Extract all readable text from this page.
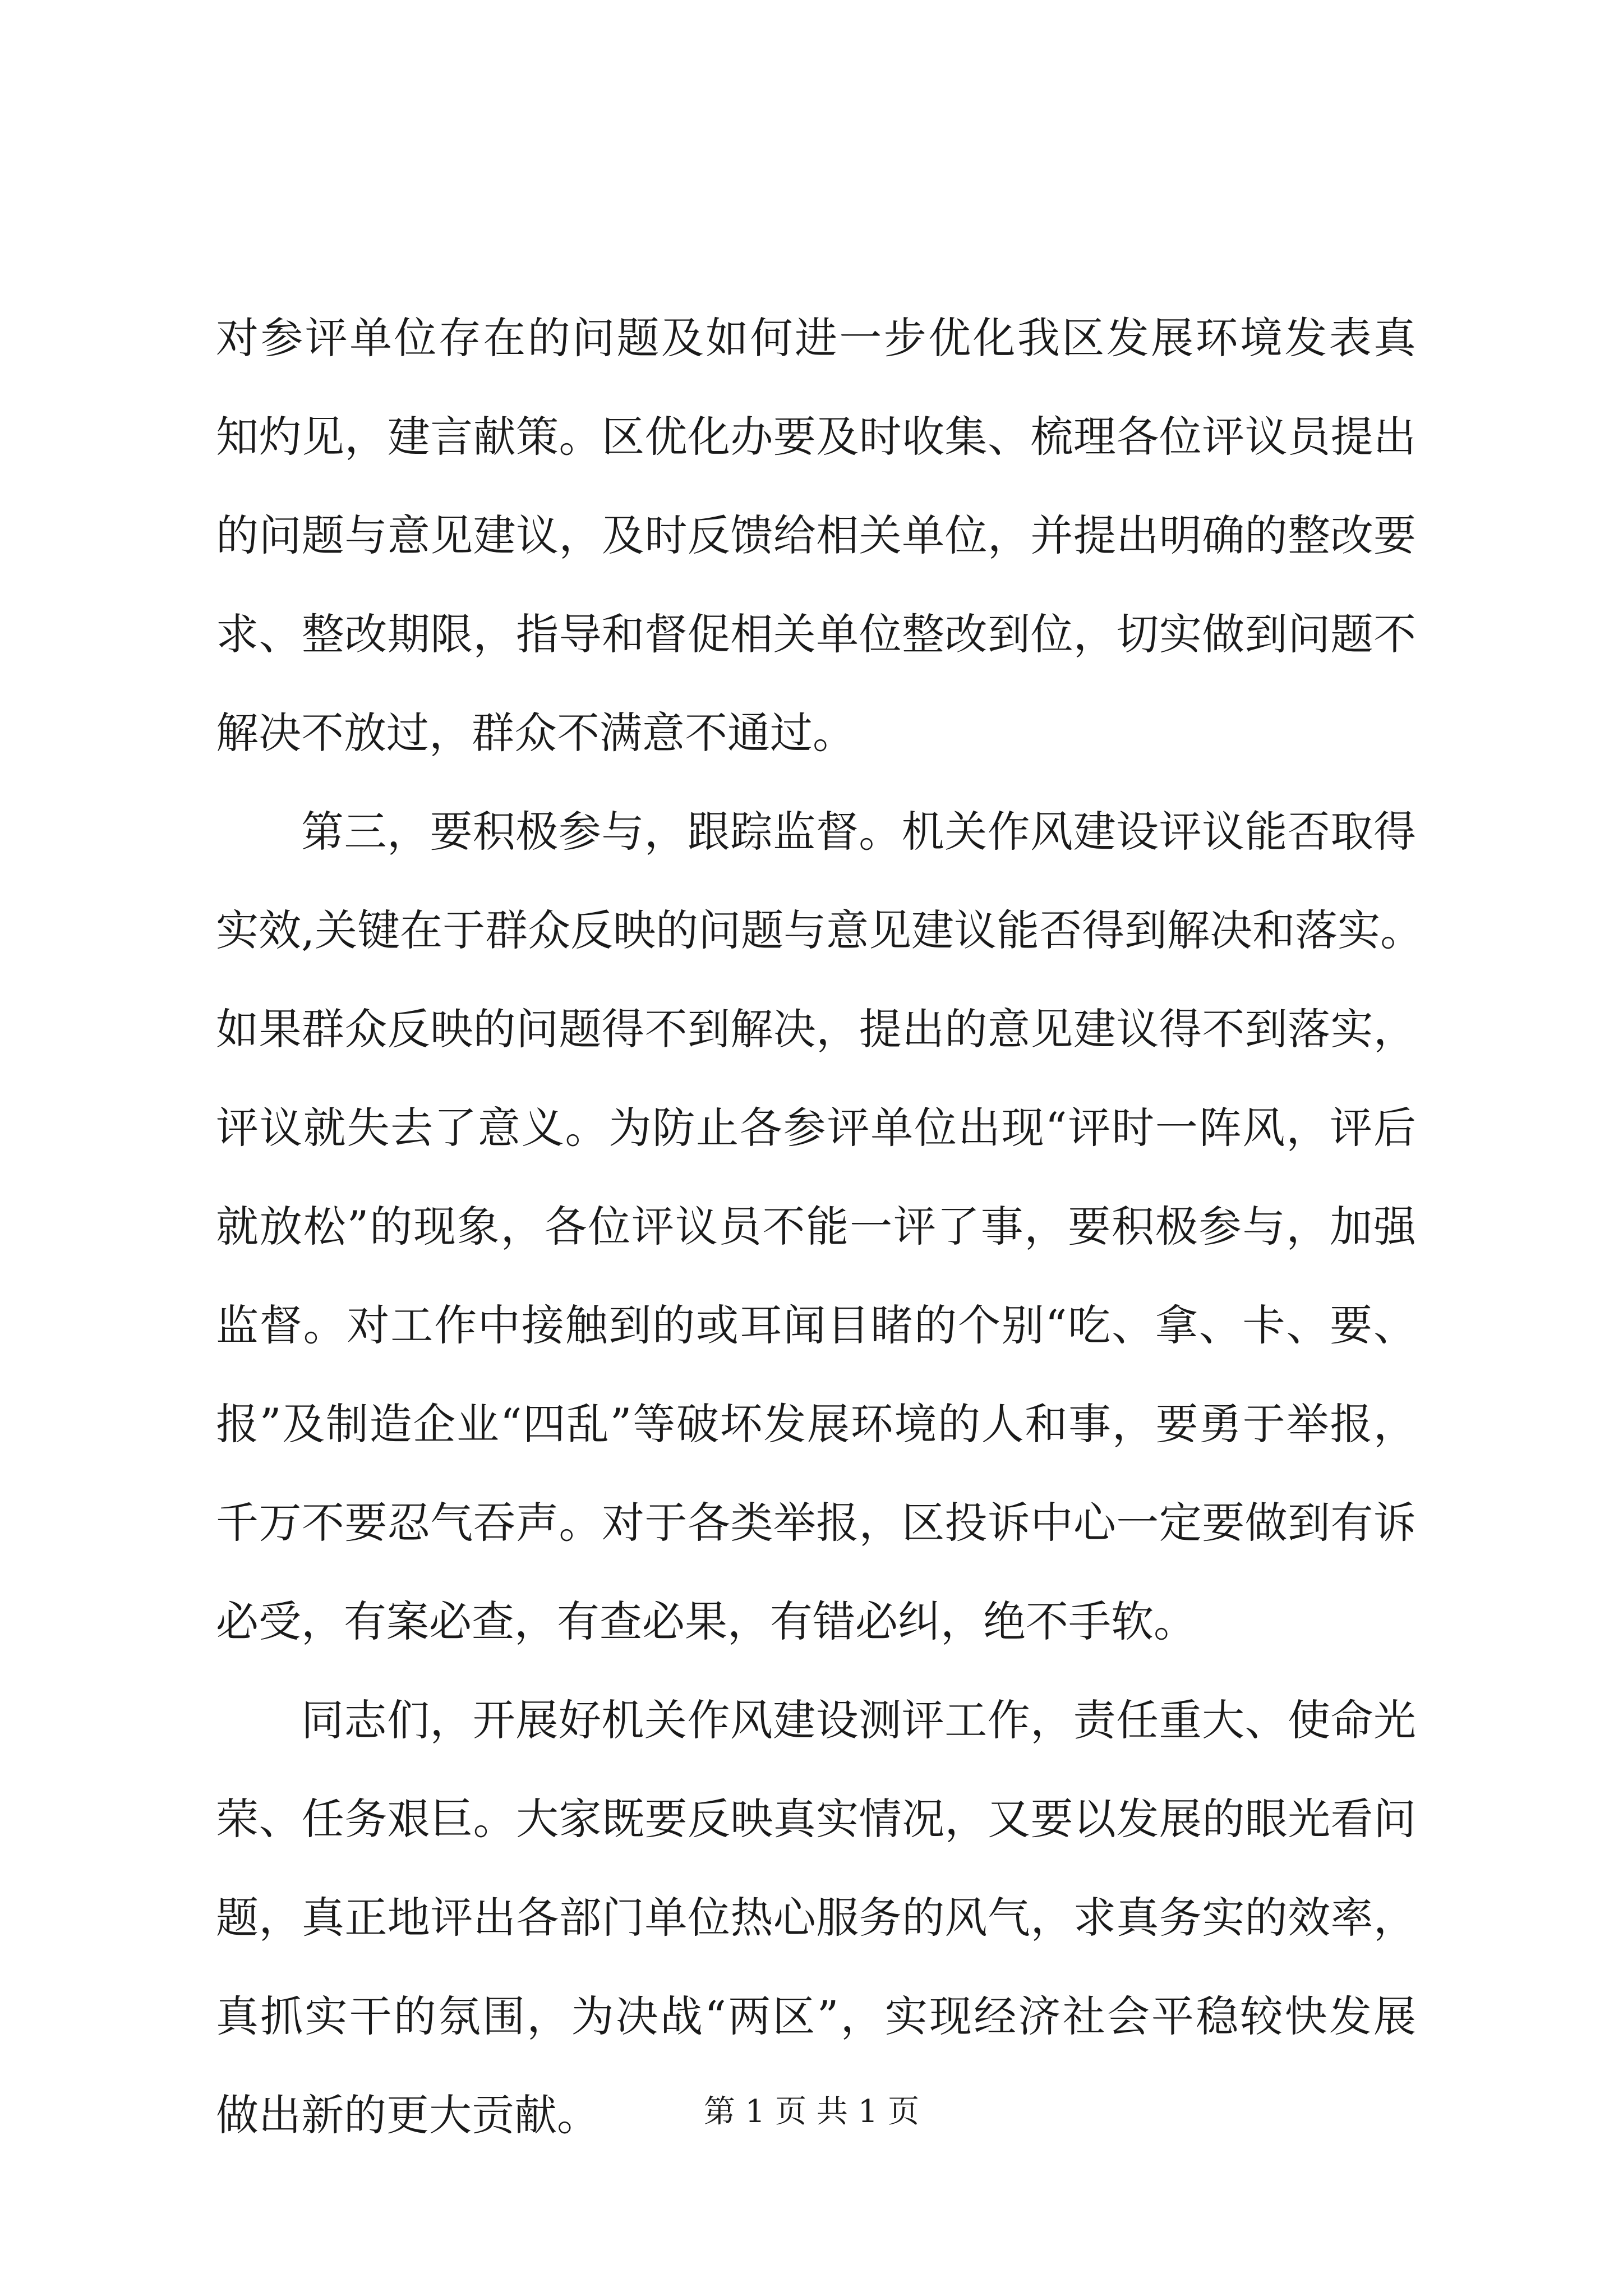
对参评单位存在的问题及如何进一步优化我区发展环境发表真
知灼见，建言献策。区优化办要及时收集、梳理各位评议员提出
的问题与意见建议，及时反馈给相关单位，并提出明确的整改要
求、整改期限，指导和督促相关单位整改到位，切实做到问题不
解决不放过，群众不满意不通过。
第三，要积极参与，跟踪监督。机关作风建设评议能否取得
实效,关键在于群众反映的问题与意见建议能否得到解决和落实。
如果群众反映的问题得不到解决，提出的意见建议得不到落实，
评议就失去了意义。为防止各参评单位出现“评时一阵风，评后
就放松”的现象，各位评议员不能一评了事，要积极参与，加强
监督。对工作中接触到的或耳闻目睹的个别“吃、拿、卡、要、
报”及制造企业“四乱”等破坏发展环境的人和事，要勇于举报，
千万不要忍气吞声。对于各类举报，区投诉中心一定要做到有诉
必受，有案必查，有查必果，有错必纠，绝不手软。
同志们，开展好机关作风建设测评工作，责任重大、使命光
荣、任务艰巨。大家既要反映真实情况，又要以发展的眼光看问
题，真正地评出各部门单位热心服务的风气，求真务实的效率，
真抓实干的氛围，为决战“两区”，实现经济社会平稳较快发展
做出新的更大贡献。	第 1 页 共 1 页
